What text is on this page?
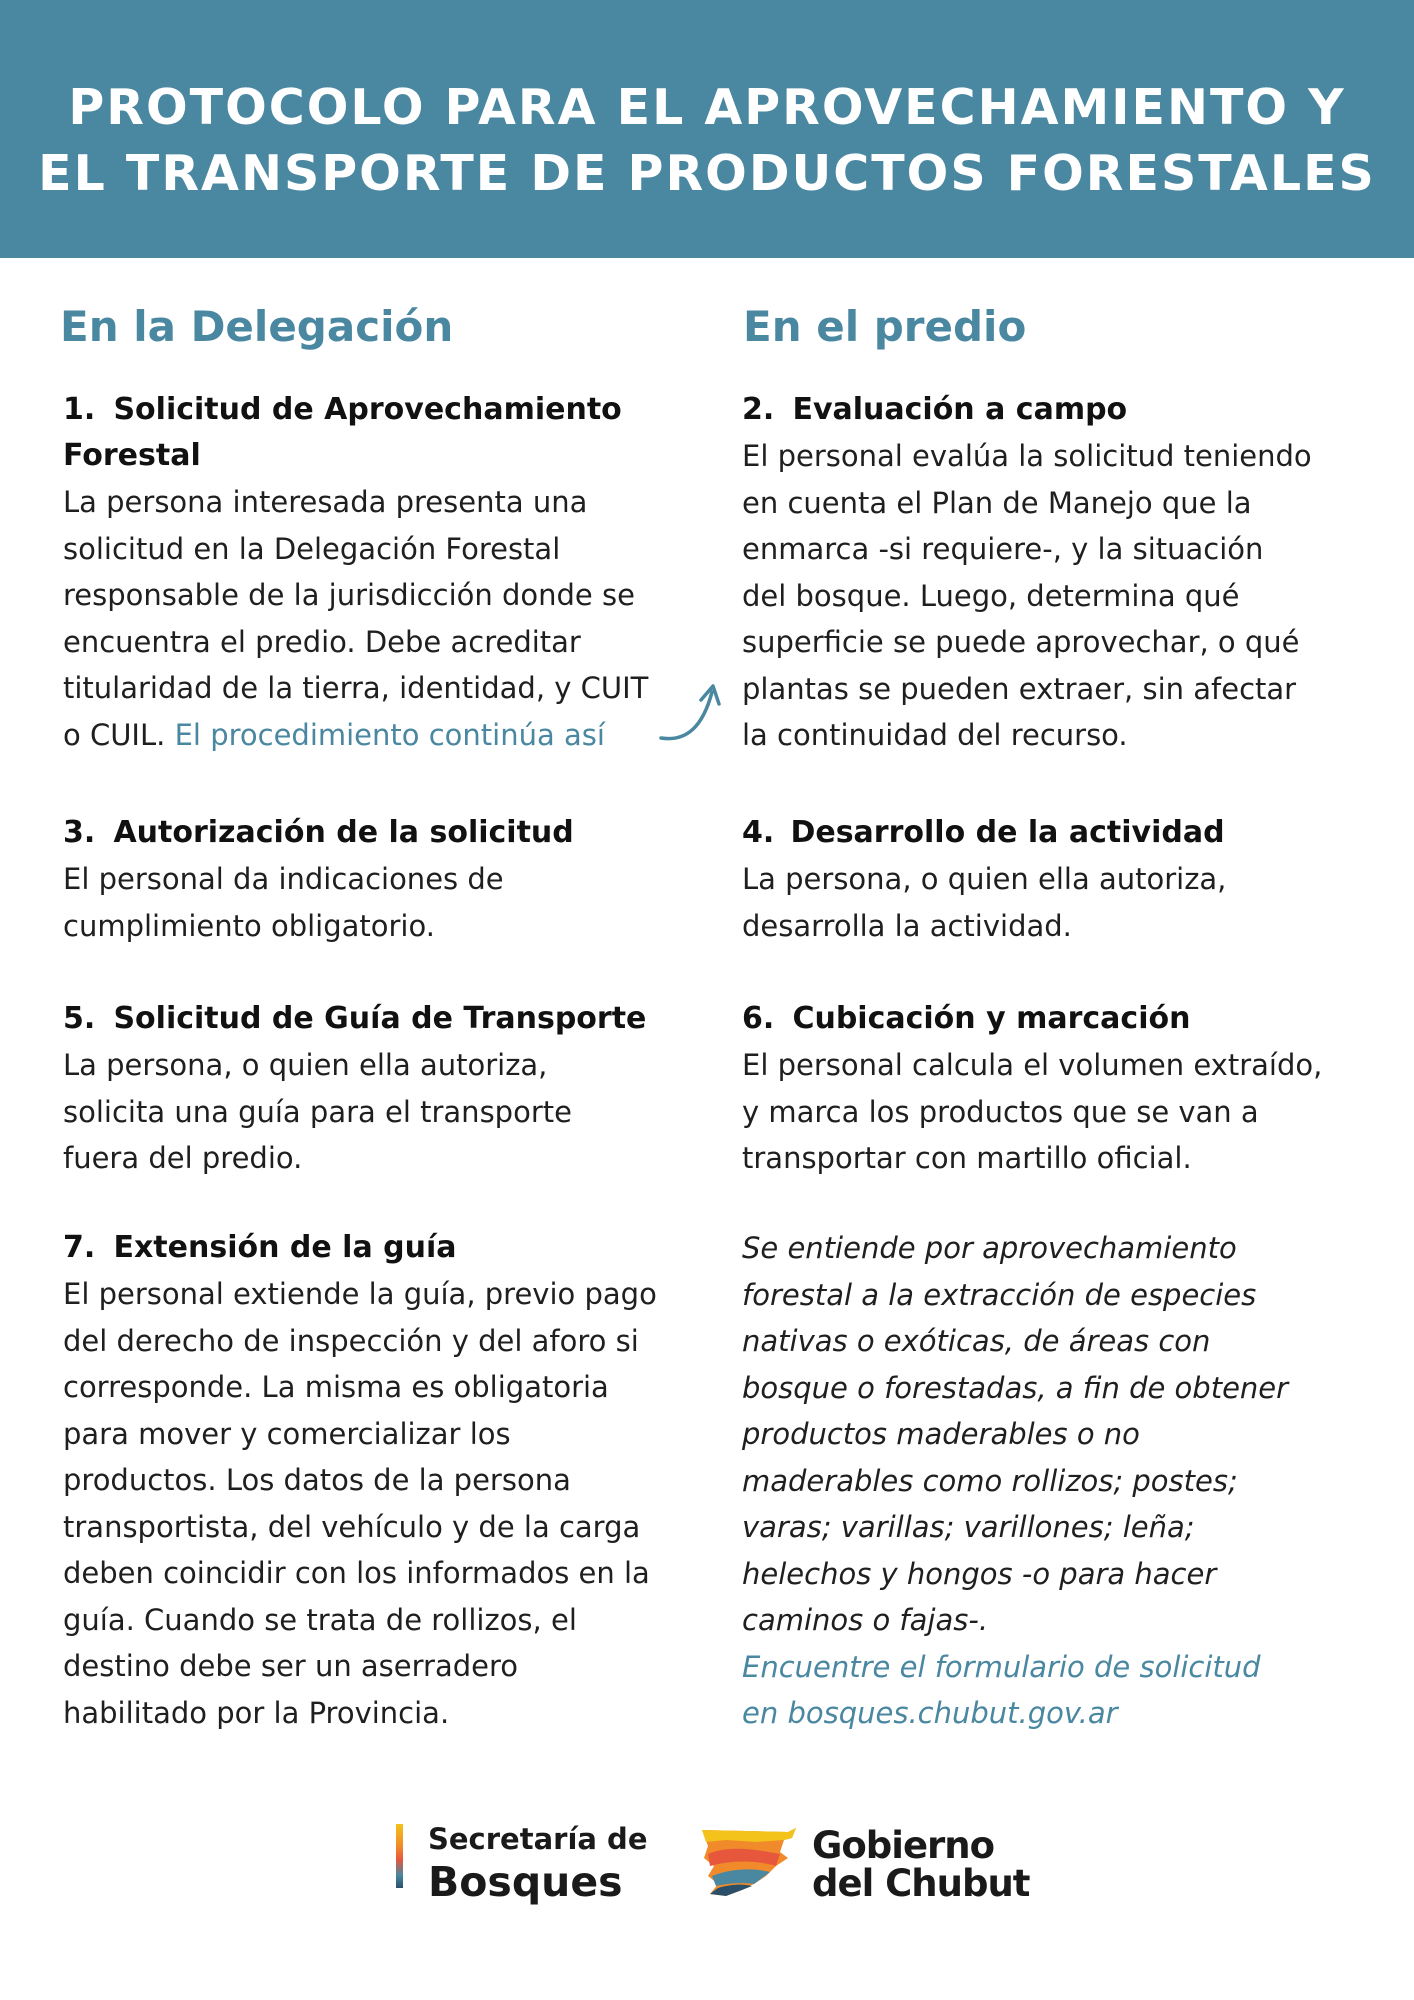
PROTOCOLO PARA EL APROVECHAMIENTO Y
EL TRANSPORTE DE PRODUCTOS FORESTALES
En la Delegación	En el predio
1. Solicitud de Aprovechamiento
Forestal
La persona interesada presenta una
solicitud en la Delegación Forestal
responsable de la jurisdicción donde se
encuentra el predio. Debe acreditar
titularidad de la tierra, identidad, y CUIT
o CUIL. El procedimiento continúa así
3. Autorización de la solicitud
El personal da indicaciones de
cumplimiento obligatorio.
5. Solicitud de Guía de Transporte
La persona, o quien ella autoriza,
solicita una guía para el transporte
fuera del predio.
7. Extensión de la guía
El personal extiende la guía, previo pago
del derecho de inspección y del aforo si
corresponde. La misma es obligatoria
para mover y comercializar los
productos. Los datos de la persona
transportista, del vehículo y de la carga
deben coincidir con los informados en la
guía. Cuando se trata de rollizos, el
destino debe ser un aserradero
habilitado por la Provincia.
2. Evaluación a campo
El personal evalúa la solicitud teniendo
en cuenta el Plan de Manejo que la
enmarca -si requiere-, y la situación
del bosque. Luego, determina qué
superficie se puede aprovechar, o qué
plantas se pueden extraer, sin afectar
la continuidad del recurso.
4. Desarrollo de la actividad
La persona, o quien ella autoriza,
desarrolla la actividad.
6. Cubicación y marcación
El personal calcula el volumen extraído,
y marca los productos que se van a
transportar con martillo oficial.
Se entiende por aprovechamiento
forestal a la extracción de especies
nativas o exóticas, de áreas con
bosque o forestadas, a fin de obtener
productos maderables o no
maderables como rollizos; postes;
varas; varillas; varillones; leña;
helechos y hongos -o para hacer
caminos o fajas-.
Encuentre el formulario de solicitud
en bosques.chubut.gov.ar
Secretaría de
Bosques
Gobierno
del Chubut
